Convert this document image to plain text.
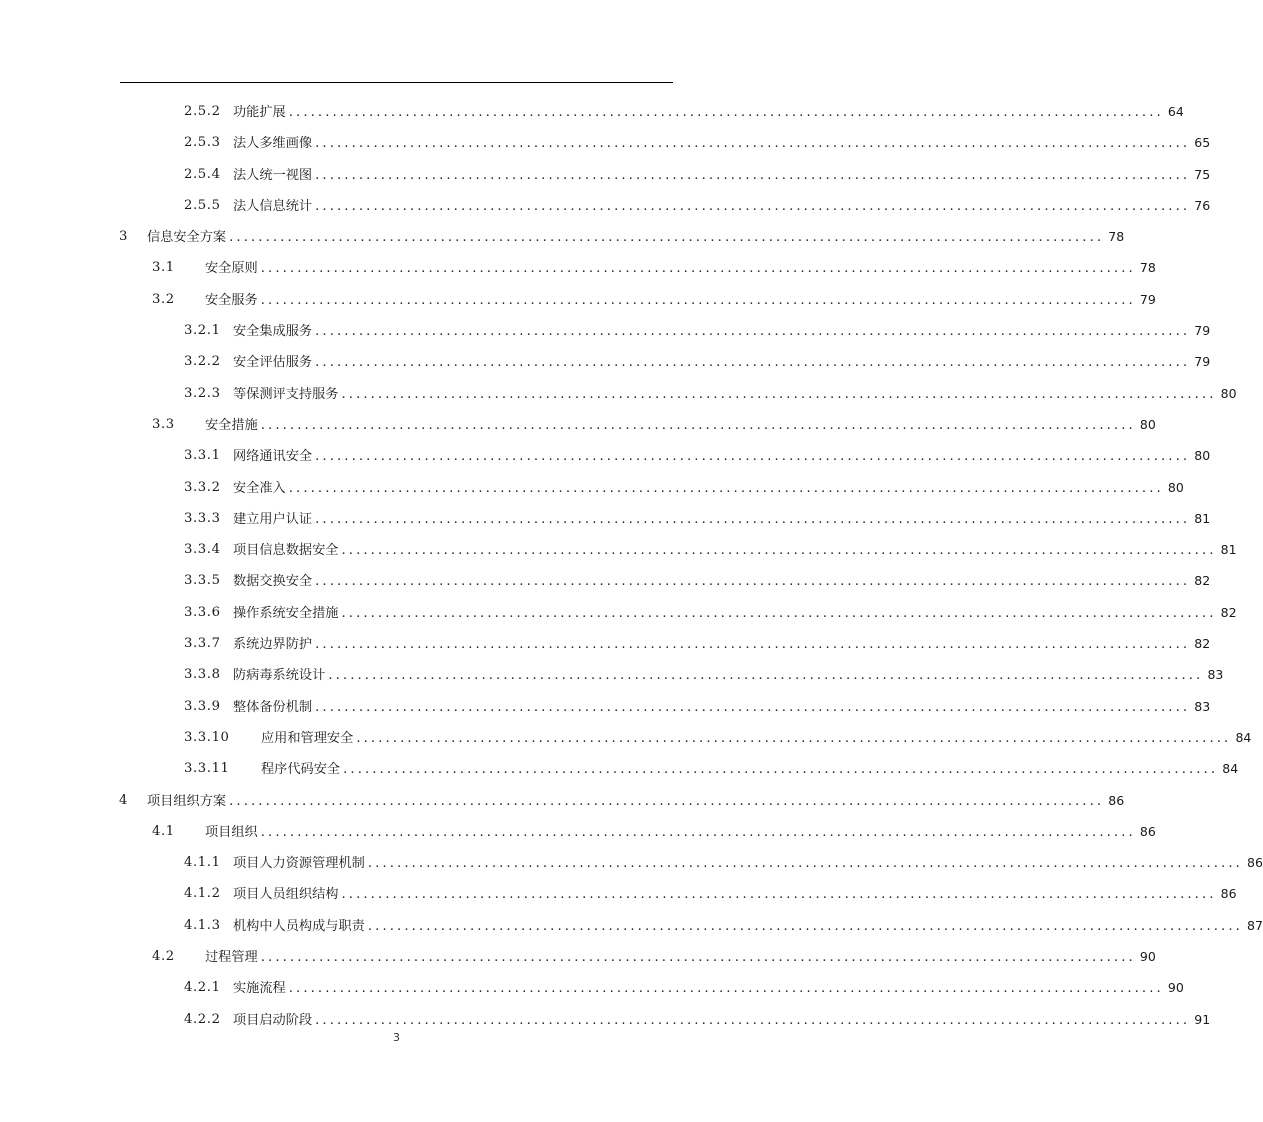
2.5.2 功能扩展 ........................................................................................................................ 64
2.5.3 法人多维画像 ........................................................................................................................ 65
2.5.4 法人统一视图 ........................................................................................................................ 75
2.5.5 法人信息统计 ........................................................................................................................ 76
3 信息安全方案 ........................................................................................................................ 78
3.1 安全原则 ........................................................................................................................ 78
3.2 安全服务 ........................................................................................................................ 79
3.2.1 安全集成服务 ........................................................................................................................ 79
3.2.2 安全评估服务 ........................................................................................................................ 79
3.2.3 等保测评支持服务 ........................................................................................................................ 80
3.3 安全措施 ........................................................................................................................ 80
3.3.1 网络通讯安全 ........................................................................................................................ 80
3.3.2 安全准入 ........................................................................................................................ 80
3.3.3 建立用户认证 ........................................................................................................................ 81
3.3.4 项目信息数据安全 ........................................................................................................................ 81
3.3.5 数据交换安全 ........................................................................................................................ 82
3.3.6 操作系统安全措施 ........................................................................................................................ 82
3.3.7 系统边界防护 ........................................................................................................................ 82
3.3.8 防病毒系统设计 ........................................................................................................................ 83
3.3.9 整体备份机制 ........................................................................................................................ 83
3.3.10 应用和管理安全 ........................................................................................................................ 84
3.3.11 程序代码安全 ........................................................................................................................ 84
4 项目组织方案 ........................................................................................................................ 86
4.1 项目组织 ........................................................................................................................ 86
4.1.1 项目人力资源管理机制 ........................................................................................................................ 86
4.1.2 项目人员组织结构 ........................................................................................................................ 86
4.1.3 机构中人员构成与职责 ........................................................................................................................ 87
4.2 过程管理 ........................................................................................................................ 90
4.2.1 实施流程 ........................................................................................................................ 90
4.2.2 项目启动阶段 ........................................................................................................................ 91
3
